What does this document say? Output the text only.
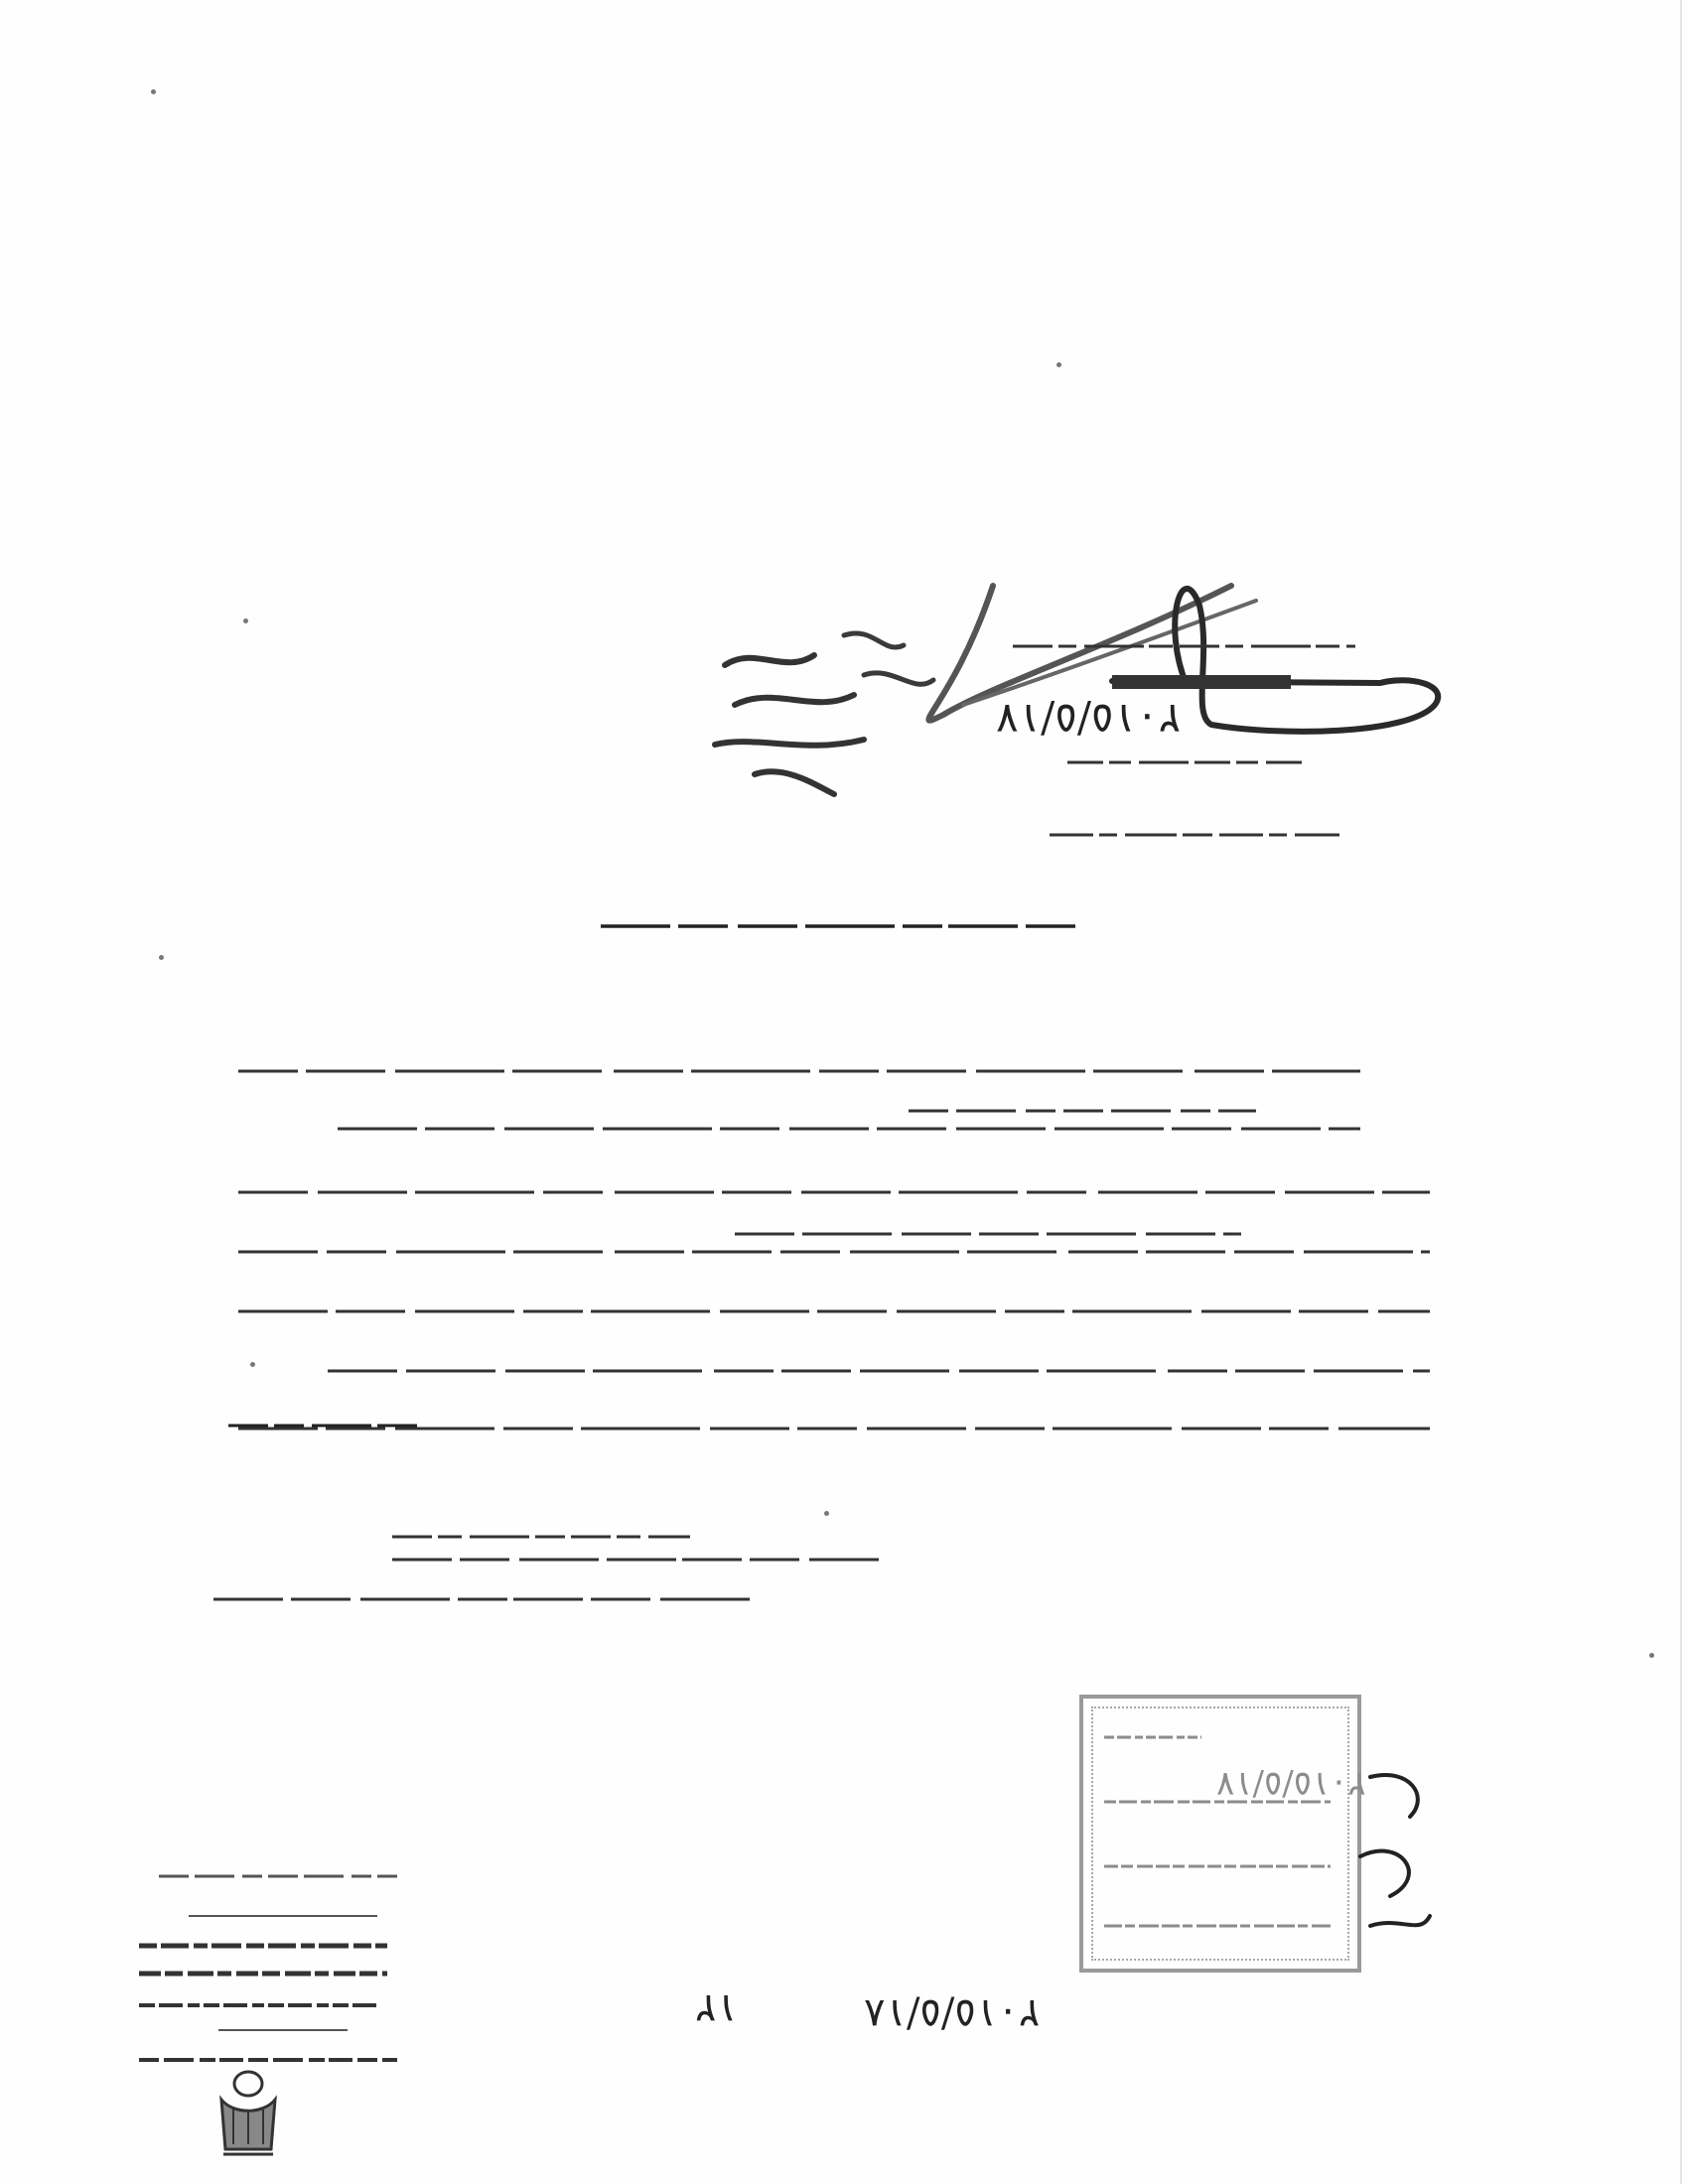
٢٠١٥/٥/١٧
٢٠١٥/٥/١٧
١٢	٢٠١٥/٥/١٨
